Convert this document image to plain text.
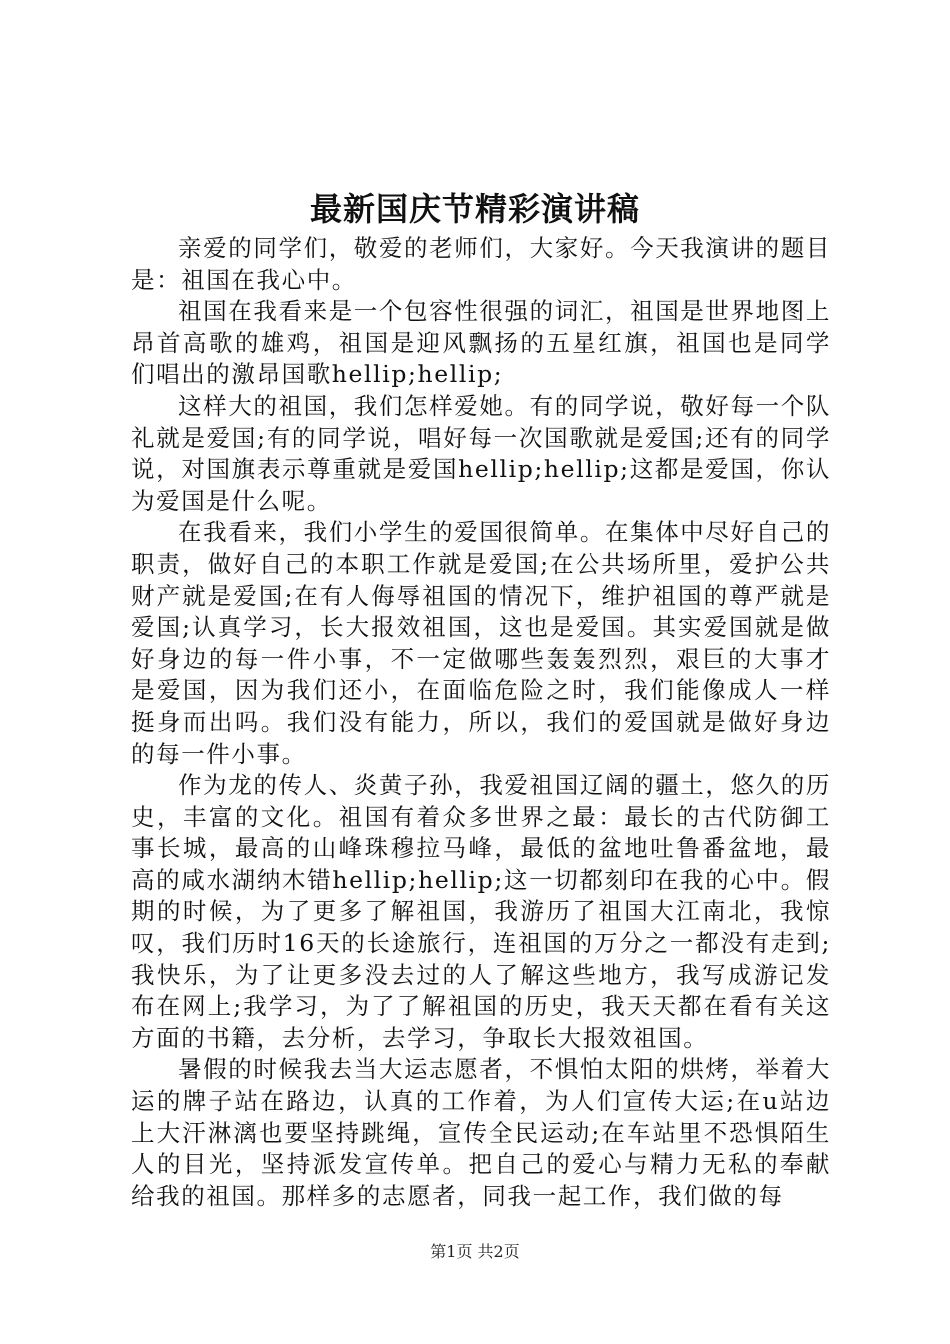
最新国庆节精彩演讲稿

亲爱的同学们，敬爱的老师们，大家好。今天我演讲的题目是：祖国在我心中。

祖国在我看来是一个包容性很强的词汇，祖国是世界地图上昂首高歌的雄鸡，祖国是迎风飘扬的五星红旗，祖国也是同学们唱出的激昂国歌hellip;hellip;

这样大的祖国，我们怎样爱她。有的同学说，敬好每一个队礼就是爱国;有的同学说，唱好每一次国歌就是爱国;还有的同学说，对国旗表示尊重就是爱国hellip;hellip;这都是爱国，你认为爱国是什么呢。

在我看来，我们小学生的爱国很简单。在集体中尽好自己的职责，做好自己的本职工作就是爱国;在公共场所里，爱护公共财产就是爱国;在有人侮辱祖国的情况下，维护祖国的尊严就是爱国;认真学习，长大报效祖国，这也是爱国。其实爱国就是做好身边的每一件小事，不一定做哪些轰轰烈烈，艰巨的大事才是爱国，因为我们还小，在面临危险之时，我们能像成人一样挺身而出吗。我们没有能力，所以，我们的爱国就是做好身边的每一件小事。

作为龙的传人、炎黄子孙，我爱祖国辽阔的疆土，悠久的历史，丰富的文化。祖国有着众多世界之最：最长的古代防御工事长城，最高的山峰珠穆拉马峰，最低的盆地吐鲁番盆地，最高的咸水湖纳木错hellip;hellip;这一切都刻印在我的心中。假期的时候，为了更多了解祖国，我游历了祖国大江南北，我惊叹，我们历时16天的长途旅行，连祖国的万分之一都没有走到;我快乐，为了让更多没去过的人了解这些地方，我写成游记发布在网上;我学习，为了了解祖国的历史，我天天都在看有关这方面的书籍，去分析，去学习，争取长大报效祖国。

暑假的时候我去当大运志愿者，不惧怕太阳的烘烤，举着大运的牌子站在路边，认真的工作着，为人们宣传大运;在u站边上大汗淋漓也要坚持跳绳，宣传全民运动;在车站里不恐惧陌生人的目光，坚持派发宣传单。把自己的爱心与精力无私的奉献给我的祖国。那样多的志愿者，同我一起工作，我们做的每

第1页 共2页
